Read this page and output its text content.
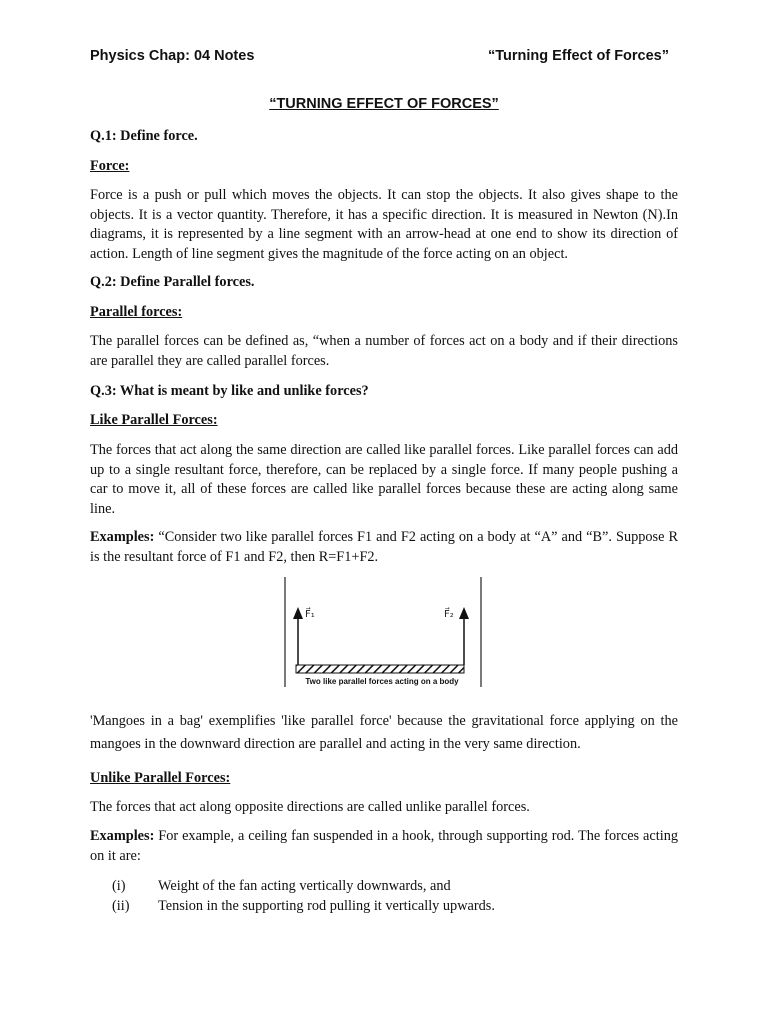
Physics Chap: 04 Notes	“Turning Effect of Forces”
“TURNING EFFECT OF FORCES”

Q.1: Define force.

Force:

Force is a push or pull which moves the objects. It can stop the objects. It also gives shape to the objects. It is a vector quantity. Therefore, it has a specific direction. It is measured in Newton (N).In diagrams, it is represented by a line segment with an arrow-head at one end to show its direction of action. Length of line segment gives the magnitude of the force acting on an object.

Q.2: Define Parallel forces.

Parallel forces:

The parallel forces can be defined as, “when a number of forces act on a body and if their directions are parallel they are called parallel forces.

Q.3: What is meant by like and unlike forces?

Like Parallel Forces:

The forces that act along the same direction are called like parallel forces. Like parallel forces can add up to a single resultant force, therefore, can be replaced by a single force. If many people pushing a car to move it, all of these forces are called like parallel forces because these are acting along same line.

Examples: “Consider two like parallel forces F1 and F2 acting on a body at “A” and “B”. Suppose R is the resultant force of F1 and F2, then R=F1+F2.

F⃗₁	F⃗₂
Two like parallel forces acting on a body

'Mangoes in a bag' exemplifies 'like parallel force' because the gravitational force applying on the mangoes in the downward direction are parallel and acting in the very same direction.

Unlike Parallel Forces:

The forces that act along opposite directions are called unlike parallel forces.

Examples: For example, a ceiling fan suspended in a hook, through supporting rod. The forces acting on it are:

(i) Weight of the fan acting vertically downwards, and
(ii) Tension in the supporting rod pulling it vertically upwards.
